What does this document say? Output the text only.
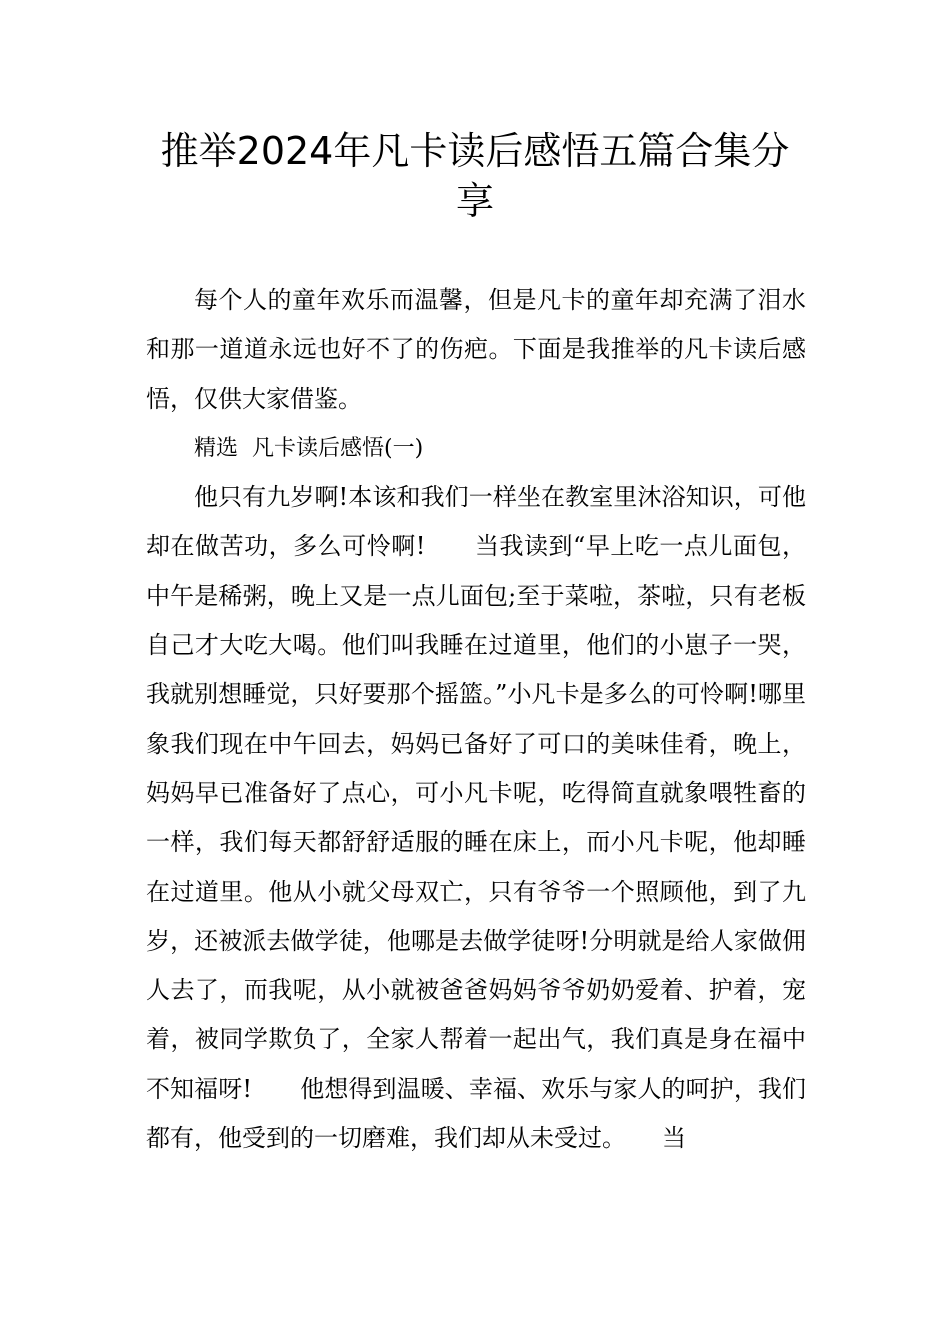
推举2024年凡卡读后感悟五篇合集分享

每个人的童年欢乐而温馨，但是凡卡的童年却充满了泪水和那一道道永远也好不了的伤疤。下面是我推举的凡卡读后感悟，仅供大家借鉴。

精选  凡卡读后感悟(一)

他只有九岁啊!本该和我们一样坐在教室里沐浴知识，可他却在做苦功，多么可怜啊!　　当我读到“早上吃一点儿面包，中午是稀粥，晚上又是一点儿面包;至于菜啦，茶啦，只有老板自己才大吃大喝。他们叫我睡在过道里，他们的小崽子一哭，我就别想睡觉，只好要那个摇篮。”小凡卡是多么的可怜啊!哪里象我们现在中午回去，妈妈已备好了可口的美味佳肴，晚上，妈妈早已准备好了点心，可小凡卡呢，吃得简直就象喂牲畜的一样，我们每天都舒舒适服的睡在床上，而小凡卡呢，他却睡在过道里。他从小就父母双亡，只有爷爷一个照顾他，到了九岁，还被派去做学徒，他哪是去做学徒呀!分明就是给人家做佣人去了，而我呢，从小就被爸爸妈妈爷爷奶奶爱着、护着，宠着，被同学欺负了，全家人帮着一起出气，我们真是身在福中不知福呀!　　他想得到温暖、幸福、欢乐与家人的呵护，我们都有，他受到的一切磨难，我们却从未受过。　　当
